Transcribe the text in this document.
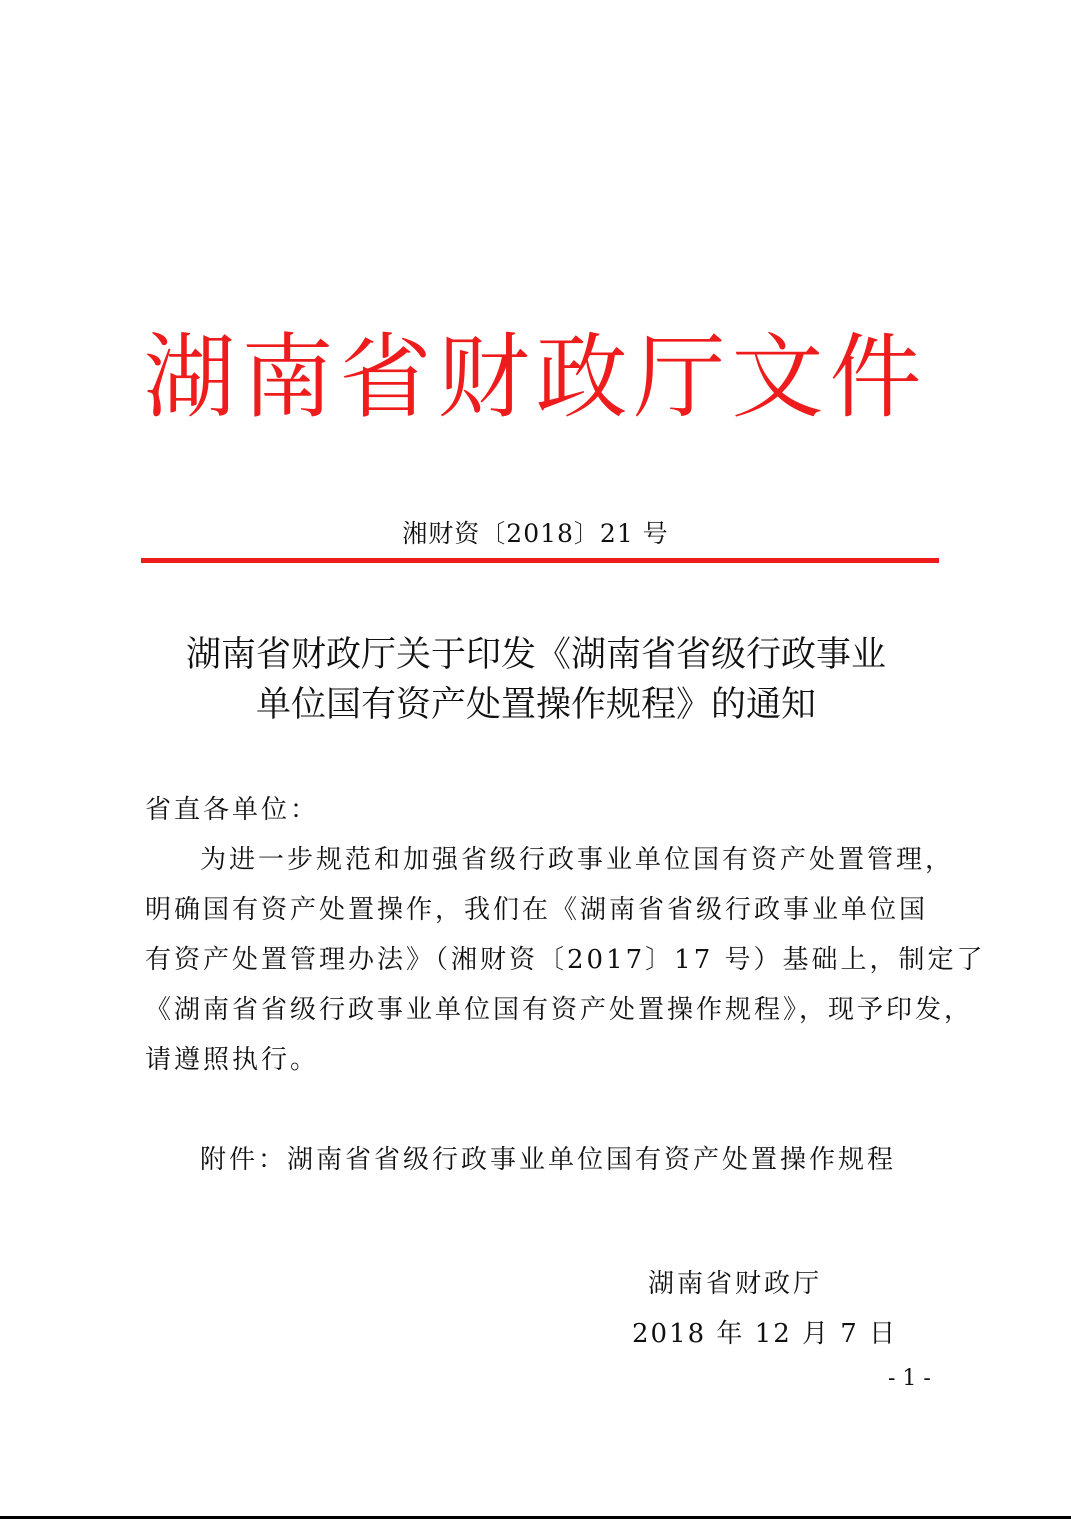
湖南省财政厅文件
湘财资〔2018〕21 号
湖南省财政厅关于印发《湖南省省级行政事业
单位国有资产处置操作规程》的通知
省直各单位：
为进一步规范和加强省级行政事业单位国有资产处置管理，
明确国有资产处置操作，我们在《湖南省省级行政事业单位国
有资产处置管理办法》（湘财资〔2017〕17 号）基础上，制定了
《湖南省省级行政事业单位国有资产处置操作规程》，现予印发，
请遵照执行。
附件：湖南省省级行政事业单位国有资产处置操作规程
湖南省财政厅
2018 年 12 月 7 日
- 1 -
